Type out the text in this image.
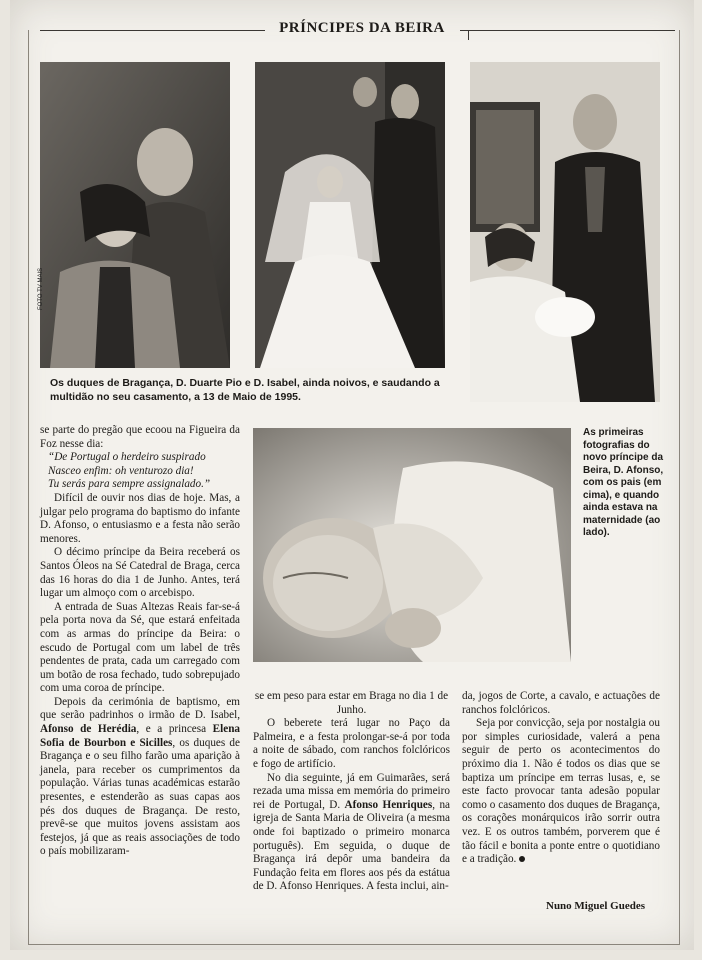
PRÍNCIPES DA BEIRA
FOTO TV MAIS
Os duques de Bragança, D. Duarte Pio e D. Isabel, ainda noivos, e saudando a multidão no seu casamento, a 13 de Maio de 1995.
As primeiras fotografias do novo príncipe da Beira, D. Afonso, com os pais (em cima), e quando ainda estava na maternidade (ao lado).

se parte do pregão que ecoou na Figueira da Foz nesse dia:

“De Portugal o herdeiro suspirado

Nasceo enfim: oh venturozo dia!

Tu serás para sempre assignalado.”

Difícil de ouvir nos dias de hoje. Mas, a julgar pelo programa do baptismo do infante D. Afonso, o entusiasmo e a festa não serão menores.

O décimo príncipe da Beira receberá os Santos Óleos na Sé Catedral de Braga, cerca das 16 horas do dia 1 de Junho. Antes, terá lugar um almoço com o arcebispo.

A entrada de Suas Altezas Reais far-se-á pela porta nova da Sé, que estará enfeitada com as armas do príncipe da Beira: o escudo de Portugal com um label de três pendentes de prata, cada um carregado com um botão de rosa fechado, tudo sobrepujado com uma coroa de príncipe.

Depois da cerimónia de baptismo, em que serão padrinhos o irmão de D. Isabel, Afonso de Herédia, e a princesa Elena Sofia de Bourbon e Sicilles, os duques de Bragança e o seu filho farão uma aparição à janela, para receber os cumprimentos da população. Várias tunas académicas estarão presentes, e estenderão as suas capas aos pés dos duques de Bragança. De resto, prevê-se que muitos jovens assistam aos festejos, já que as reais associações de todo o país mobilizaram-

se em peso para estar em Braga no dia 1 de Junho.

O beberete terá lugar no Paço da Palmeira, e a festa prolongar-se-á por toda a noite de sábado, com ranchos folclóricos e fogo de artifício.

No dia seguinte, já em Guimarães, será rezada uma missa em memória do primeiro rei de Portugal, D. Afonso Henriques, na igreja de Santa Maria de Oliveira (a mesma onde foi baptizado o primeiro monarca português). Em seguida, o duque de Bragança irá depôr uma bandeira da Fundação feita em flores aos pés da estátua de D. Afonso Henriques. A festa inclui, ain-

da, jogos de Corte, a cavalo, e actuações de ranchos folclóricos.

Seja por convicção, seja por nostalgia ou por simples curiosidade, valerá a pena seguir de perto os acontecimentos do próximo dia 1. Não é todos os dias que se baptiza um príncipe em terras lusas, e, se este facto provocar tanta adesão popular como o casamento dos duques de Bragança, os corações monárquicos irão sorrir outra vez. E os outros também, porverem que é tão fácil e bonita a ponte entre o quotidiano e a tradição.

Nuno Miguel Guedes
